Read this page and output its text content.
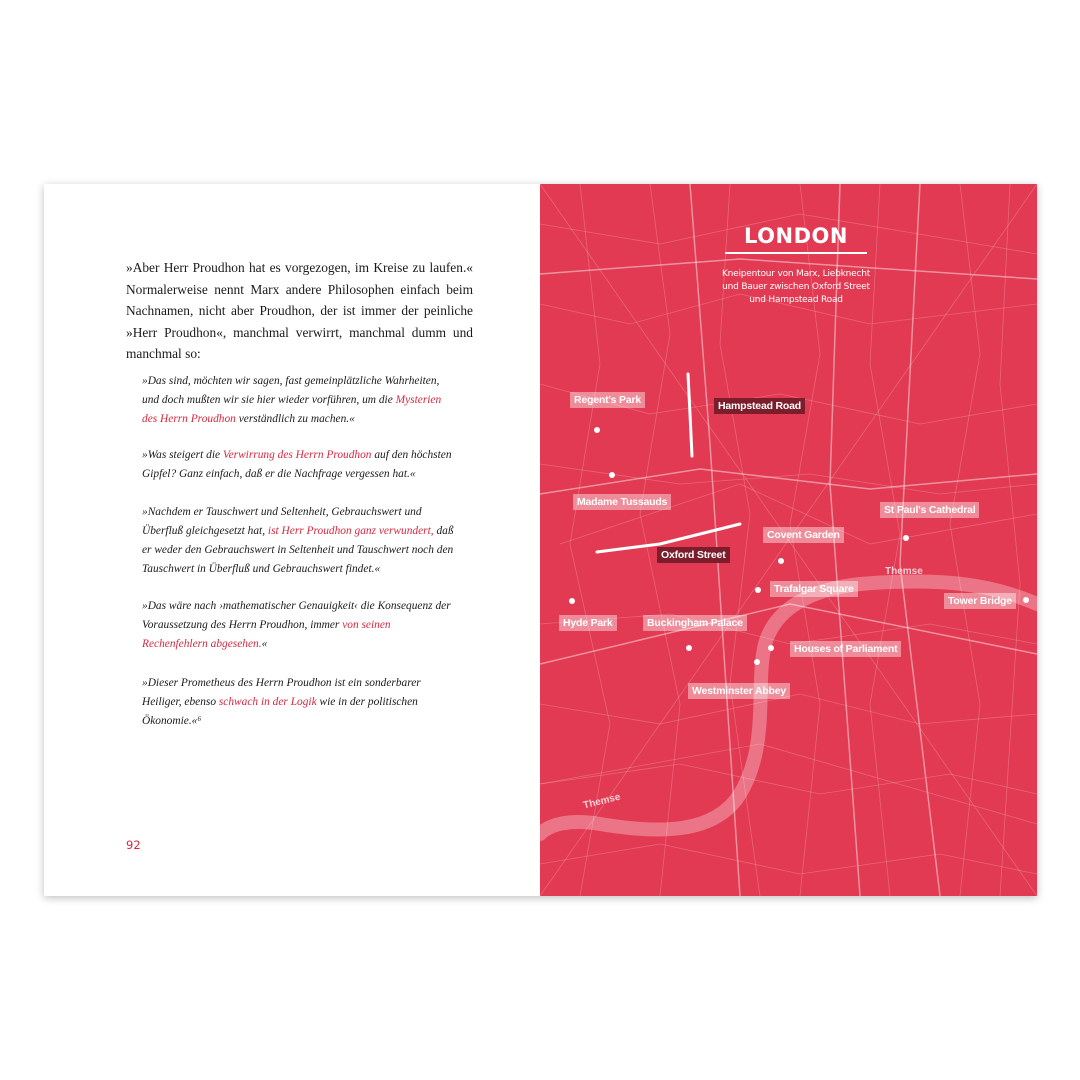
»Aber Herr Proudhon hat es vorgezogen, im Kreise zu laufen.« Normalerweise nennt Marx andere Philosophen einfach beim Nachnamen, nicht aber Proudhon, der ist immer der peinliche »Herr Proudhon«, manchmal verwirrt, manchmal dumm und manchmal so:

»Das sind, möchten wir sagen, fast gemeinplätzliche Wahrheiten, und doch mußten wir sie hier wieder vorführen, um die Mysterien des Herrn Proudhon verständlich zu machen.«

»Was steigert die Verwirrung des Herrn Proudhon auf den höchsten Gipfel? Ganz einfach, daß er die Nachfrage vergessen hat.«

»Nachdem er Tauschwert und Seltenheit, Gebrauchswert und Überfluß gleichgesetzt hat, ist Herr Proudhon ganz verwundert, daß er weder den Gebrauchswert in Seltenheit und Tauschwert noch den Tauschwert in Überfluß und Gebrauchswert findet.«

»Das wäre nach ›mathematischer Genauigkeit‹ die Konsequenz der Voraussetzung des Herrn Proudhon, immer von seinen Rechenfehlern abgesehen.«

»Dieser Prometheus des Herrn Proudhon ist ein sonderbarer Heiliger, ebenso schwach in der Logik wie in der politischen Ökonomie.«⁶

92
LONDON
Kneipentour von Marx, Liebknecht und Bauer zwischen Oxford Street und Hampstead Road
Regent's Park	Hampstead Road
Madame Tussauds
St Paul's Cathedral
Covent Garden
Oxford Street
Themse
Trafalgar Square
Tower Bridge
Hyde Park	Buckingham Palace
Houses of Parliament
Westminster Abbey
Themse
